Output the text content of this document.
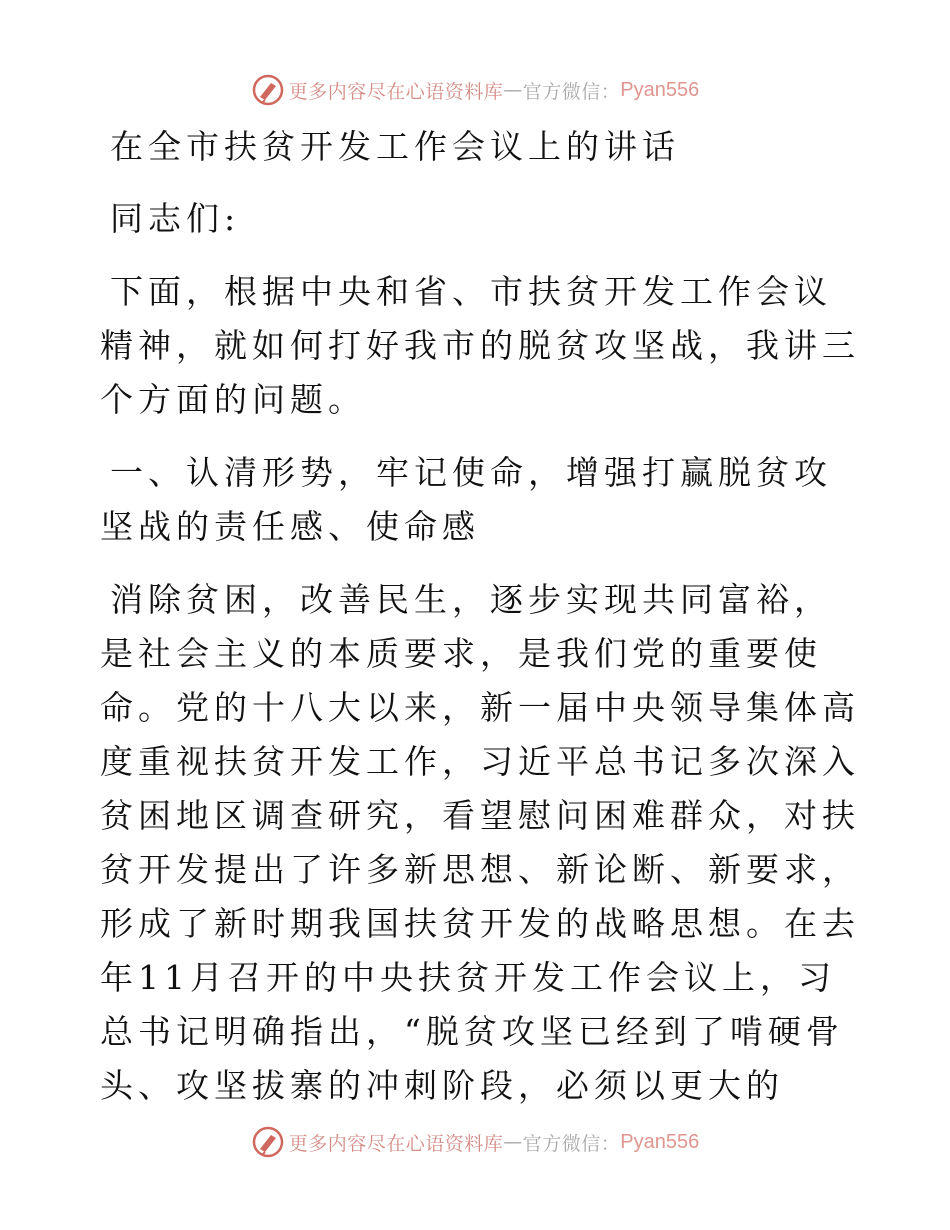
更多内容尽在心语资料库 — 官方微信： Pyan556

在全市扶贫开发工作会议上的讲话

同志们:

下面，根据中央和省、市扶贫开发工作会议精神，就如何打好我市的脱贫攻坚战，我讲三个方面的问题。

一、认清形势，牢记使命，增强打赢脱贫攻坚战的责任感、使命感

消除贫困，改善民生，逐步实现共同富裕，是社会主义的本质要求，是我们党的重要使命。党的十八大以来，新一届中央领导集体高度重视扶贫开发工作，习近平总书记多次深入贫困地区调查研究，看望慰问困难群众，对扶贫开发提出了许多新思想、新论断、新要求，形成了新时期我国扶贫开发的战略思想。在去年11月召开的中央扶贫开发工作会议上，习总书记明确指出，“脱贫攻坚已经到了啃硬骨头、攻坚拔寨的冲刺阶段，必须以更大的

更多内容尽在心语资料库 — 官方微信： Pyan556
